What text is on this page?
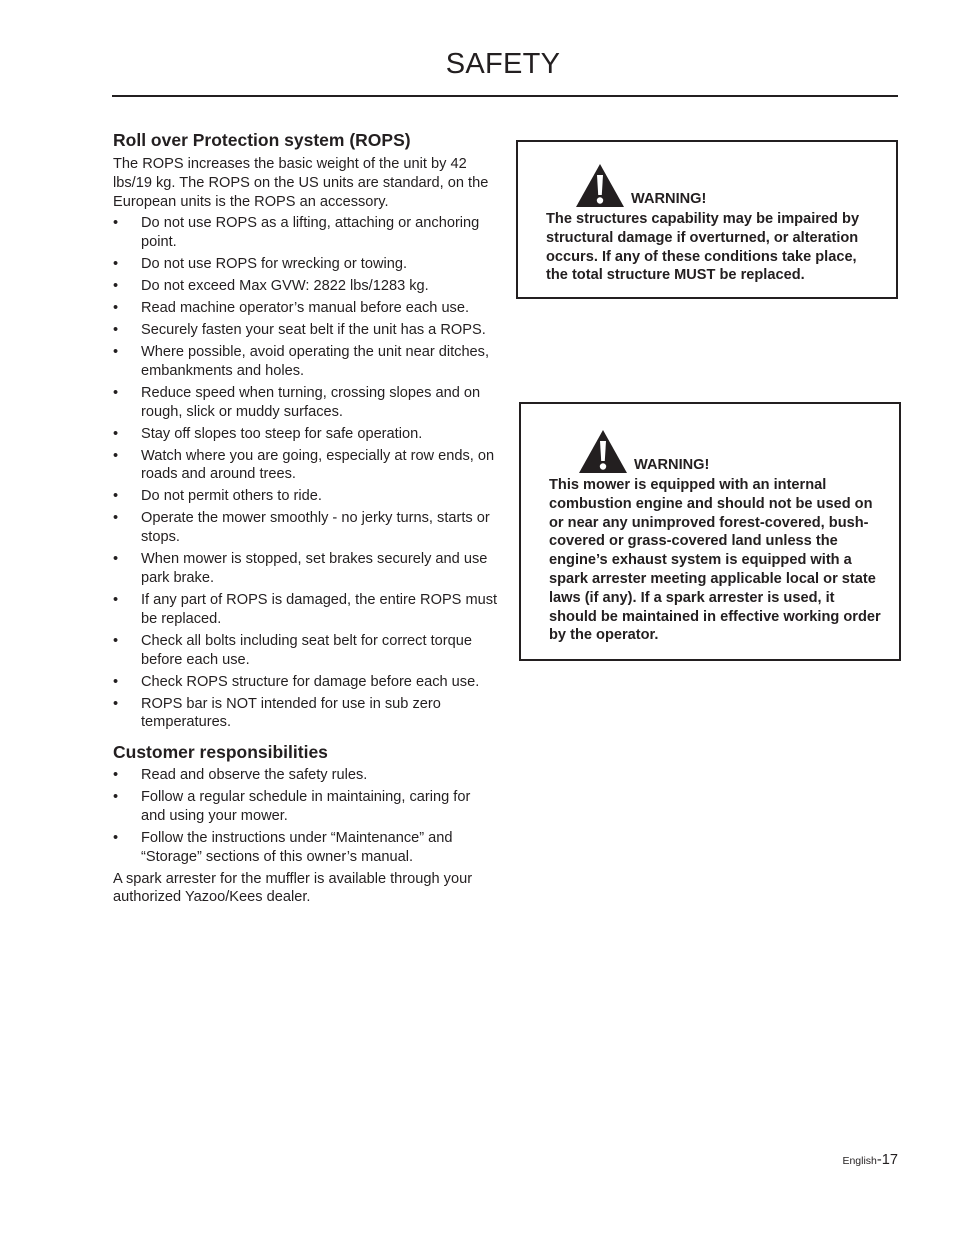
SAFETY
Roll over Protection system (ROPS)

The ROPS increases the basic weight of the unit by 42 lbs/19 kg. The ROPS on the US units are standard, on the European units is the ROPS an accessory.

• Do not use ROPS as a lifting, attaching or anchoring point.
• Do not use ROPS for wrecking or towing.
• Do not exceed Max GVW: 2822 lbs/1283 kg.
• Read machine operator’s manual before each use.
• Securely fasten your seat belt if the unit has a ROPS.
• Where possible, avoid operating the unit near ditches, embankments and holes.
• Reduce speed when turning, crossing slopes and on rough, slick or muddy surfaces.
• Stay off slopes too steep for safe operation.
• Watch where you are going, especially at row ends, on roads and around trees.
• Do not permit others to ride.
• Operate the mower smoothly - no jerky turns, starts or stops.
• When mower is stopped, set brakes securely and use park brake.
• If any part of ROPS is damaged, the entire ROPS must be replaced.
• Check all bolts including seat belt for correct torque before each use.
• Check ROPS structure for damage before each use.
• ROPS bar is NOT intended for use in sub zero temperatures.
Customer responsibilities
• Read and observe the safety rules.
• Follow a regular schedule in maintaining, caring for and using your mower.
• Follow the instructions under “Maintenance” and “Storage” sections of this owner’s manual.

A spark arrester for the muffler is available through your authorized Yazoo/Kees dealer.

WARNING!

The structures capability may be impaired by structural damage if overturned, or alteration occurs. If any of these conditions take place, the total structure MUST be replaced.

WARNING!

This mower is equipped with an internal combustion engine and should not be used on or near any unimproved forest-covered, bush-covered or grass-covered land unless the engine’s exhaust system is equipped with a spark arrester meeting applicable local or state laws (if any). If a spark arrester is used, it should be maintained in effective working order by the operator.

English-17
